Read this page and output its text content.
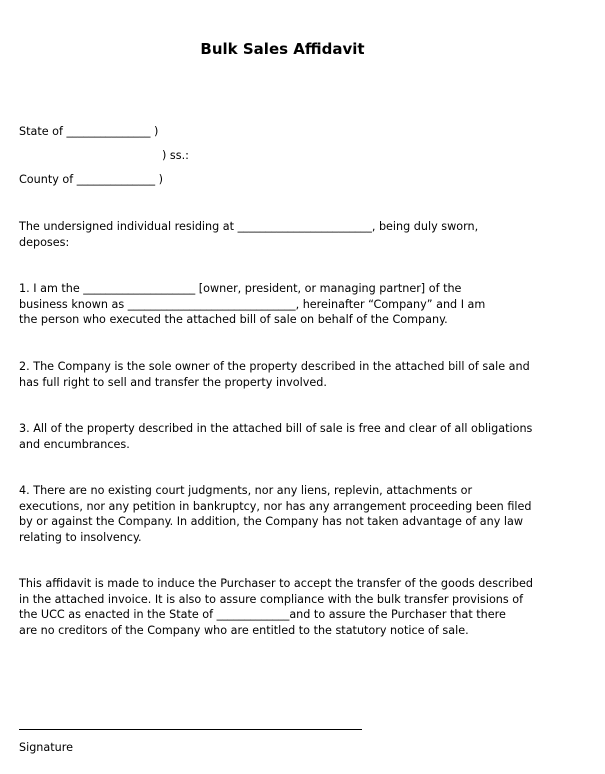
Bulk Sales Affidavit
State of _______________ )
) ss.:
County of ______________ )
The undersigned individual residing at ________________________, being duly sworn,
deposes:
1. I am the ____________________ [owner, president, or managing partner] of the
business known as ______________________________, hereinafter “Company” and I am
the person who executed the attached bill of sale on behalf of the Company.
2. The Company is the sole owner of the property described in the attached bill of sale and
has full right to sell and transfer the property involved.
3. All of the property described in the attached bill of sale is free and clear of all obligations
and encumbrances.
4. There are no existing court judgments, nor any liens, replevin, attachments or
executions, nor any petition in bankruptcy, nor has any arrangement proceeding been filed
by or against the Company. In addition, the Company has not taken advantage of any law
relating to insolvency.
This affidavit is made to induce the Purchaser to accept the transfer of the goods described
in the attached invoice. It is also to assure compliance with the bulk transfer provisions of
the UCC as enacted in the State of _____________and to assure the Purchaser that there
are no creditors of the Company who are entitled to the statutory notice of sale.
Signature
